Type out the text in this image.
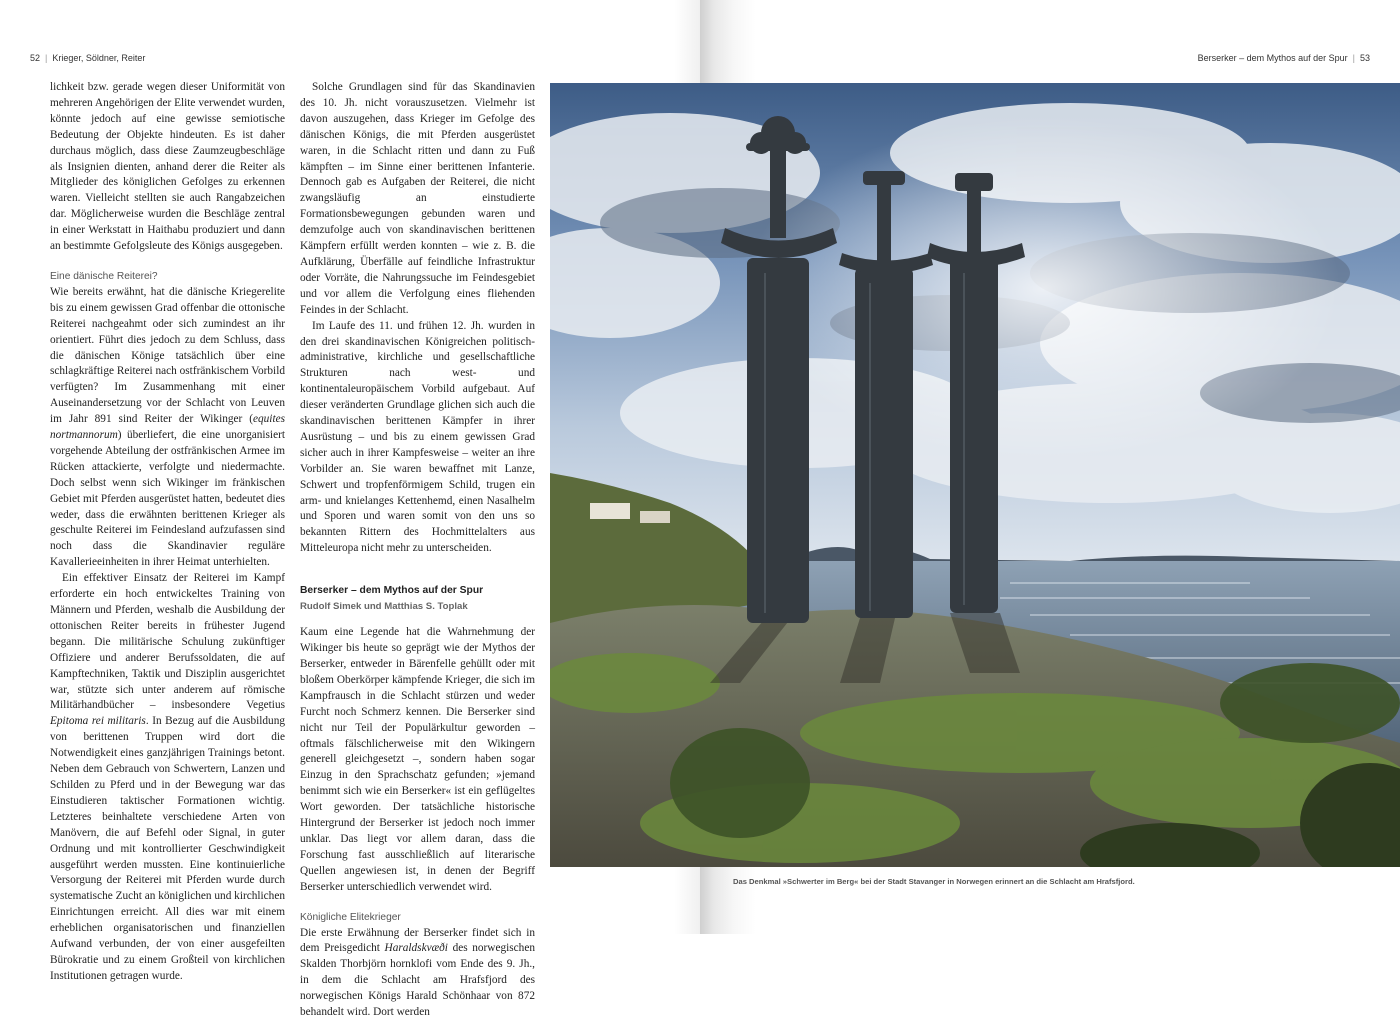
52 | Krieger, Söldner, Reiter

lichkeit bzw. gerade wegen dieser Uniformität von mehreren Angehörigen der Elite verwendet wurden, könnte jedoch auf eine gewisse semiotische Bedeutung der Objekte hindeuten. Es ist daher durchaus möglich, dass diese Zaumzeugbeschläge als Insignien dienten, anhand derer die Reiter als Mitglieder des königlichen Gefolges zu erkennen waren. Vielleicht stellten sie auch Rangabzeichen dar. Möglicherweise wurden die Beschläge zentral in einer Werkstatt in Haithabu produziert und dann an bestimmte Gefolgsleute des Königs ausgegeben.

Eine dänische Reiterei?

Wie bereits erwähnt, hat die dänische Kriegerelite bis zu einem gewissen Grad offenbar die ottonische Reiterei nachgeahmt oder sich zumindest an ihr orientiert. Führt dies jedoch zu dem Schluss, dass die dänischen Könige tatsächlich über eine schlagkräftige Reiterei nach ostfränkischem Vorbild verfügten? Im Zusammenhang mit einer Auseinandersetzung vor der Schlacht von Leuven im Jahr 891 sind Reiter der Wikinger (equites nortmannorum) überliefert, die eine unorganisiert vorgehende Abteilung der ostfränkischen Armee im Rücken attackierte, verfolgte und niedermachte. Doch selbst wenn sich Wikinger im fränkischen Gebiet mit Pferden ausgerüstet hatten, bedeutet dies weder, dass die erwähnten berittenen Krieger als geschulte Reiterei im Feindesland aufzufassen sind noch dass die Skandinavier reguläre Kavallerieeinheiten in ihrer Heimat unterhielten.

Ein effektiver Einsatz der Reiterei im Kampf erforderte ein hoch entwickeltes Training von Männern und Pferden, weshalb die Ausbildung der ottonischen Reiter bereits in frühester Jugend begann. Die militärische Schulung zukünftiger Offiziere und anderer Berufssoldaten, die auf Kampftechniken, Taktik und Disziplin ausgerichtet war, stützte sich unter anderem auf römische Militärhandbücher – insbesondere Vegetius Epitoma rei militaris. In Bezug auf die Ausbildung von berittenen Truppen wird dort die Notwendigkeit eines ganzjährigen Trainings betont. Neben dem Gebrauch von Schwertern, Lanzen und Schilden zu Pferd und in der Bewegung war das Einstudieren taktischer Formationen wichtig. Letzteres beinhaltete verschiedene Arten von Manövern, die auf Befehl oder Signal, in guter Ordnung und mit kontrollierter Geschwindigkeit ausgeführt werden mussten. Eine kontinuierliche Versorgung der Reiterei mit Pferden wurde durch systematische Zucht an königlichen und kirchlichen Einrichtungen erreicht. All dies war mit einem erheblichen organisatorischen und finanziellen Aufwand verbunden, der von einer ausgefeilten Bürokratie und zu einem Großteil von kirchlichen Institutionen getragen wurde.

Solche Grundlagen sind für das Skandinavien des 10. Jh. nicht vorauszusetzen. Vielmehr ist davon auszugehen, dass Krieger im Gefolge des dänischen Königs, die mit Pferden ausgerüstet waren, in die Schlacht ritten und dann zu Fuß kämpften – im Sinne einer berittenen Infanterie. Dennoch gab es Aufgaben der Reiterei, die nicht zwangsläufig an einstudierte Formationsbewegungen gebunden waren und demzufolge auch von skandinavischen berittenen Kämpfern erfüllt werden konnten – wie z. B. die Aufklärung, Überfälle auf feindliche Infrastruktur oder Vorräte, die Nahrungssuche im Feindesgebiet und vor allem die Verfolgung eines fliehenden Feindes in der Schlacht.

Im Laufe des 11. und frühen 12. Jh. wurden in den drei skandinavischen Königreichen politisch-administrative, kirchliche und gesellschaftliche Strukturen nach west- und kontinentaleuropäischem Vorbild aufgebaut. Auf dieser veränderten Grundlage glichen sich auch die skandinavischen berittenen Kämpfer in ihrer Ausrüstung – und bis zu einem gewissen Grad sicher auch in ihrer Kampfesweise – weiter an ihre Vorbilder an. Sie waren bewaffnet mit Lanze, Schwert und tropfenförmigem Schild, trugen ein arm- und knielanges Kettenhemd, einen Nasalhelm und Sporen und waren somit von den uns so bekannten Rittern des Hochmittelalters aus Mitteleuropa nicht mehr zu unterscheiden.

Berserker – dem Mythos auf der Spur
Rudolf Simek und Matthias S. Toplak

Kaum eine Legende hat die Wahrnehmung der Wikinger bis heute so geprägt wie der Mythos der Berserker, entweder in Bärenfelle gehüllt oder mit bloßem Oberkörper kämpfende Krieger, die sich im Kampfrausch in die Schlacht stürzen und weder Furcht noch Schmerz kennen. Die Berserker sind nicht nur Teil der Populärkultur geworden – oftmals fälschlicherweise mit den Wikingern generell gleichgesetzt –, sondern haben sogar Einzug in den Sprachschatz gefunden; »jemand benimmt sich wie ein Berserker« ist ein geflügeltes Wort geworden. Der tatsächliche historische Hintergrund der Berserker ist jedoch noch immer unklar. Das liegt vor allem daran, dass die Forschung fast ausschließlich auf literarische Quellen angewiesen ist, in denen der Begriff Berserker unterschiedlich verwendet wird.

Königliche Elitekrieger

Die erste Erwähnung der Berserker findet sich in dem Preisgedicht Haraldskvæði des norwegischen Skalden Thorbjörn hornklofi vom Ende des 9. Jh., in dem die Schlacht am Hrafsfjord des norwegischen Königs Harald Schönhaar von 872 behandelt wird. Dort werden

Berserker – dem Mythos auf der Spur | 53
Das Denkmal »Schwerter im Berg« bei der Stadt Stavanger in Norwegen erinnert an die Schlacht am Hrafsfjord.
